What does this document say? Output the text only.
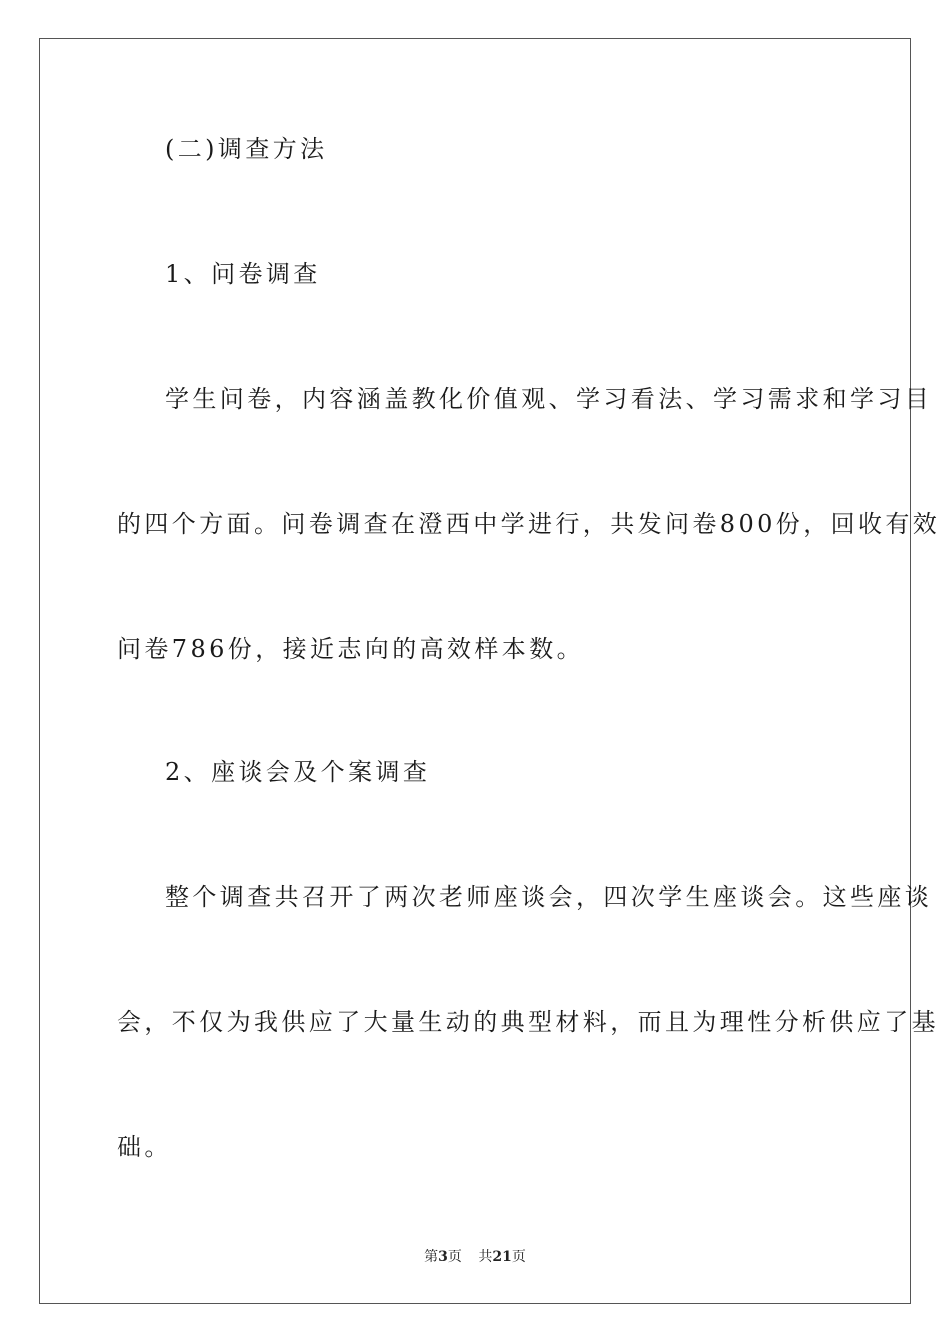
(二)调查方法
1、问卷调查
学生问卷，内容涵盖教化价值观、学习看法、学习需求和学习目
的四个方面。问卷调查在澄西中学进行，共发问卷800份，回收有效
问卷786份，接近志向的高效样本数。
2、座谈会及个案调查
整个调查共召开了两次老师座谈会，四次学生座谈会。这些座谈
会，不仅为我供应了大量生动的典型材料，而且为理性分析供应了基
础。
第3页 共21页
